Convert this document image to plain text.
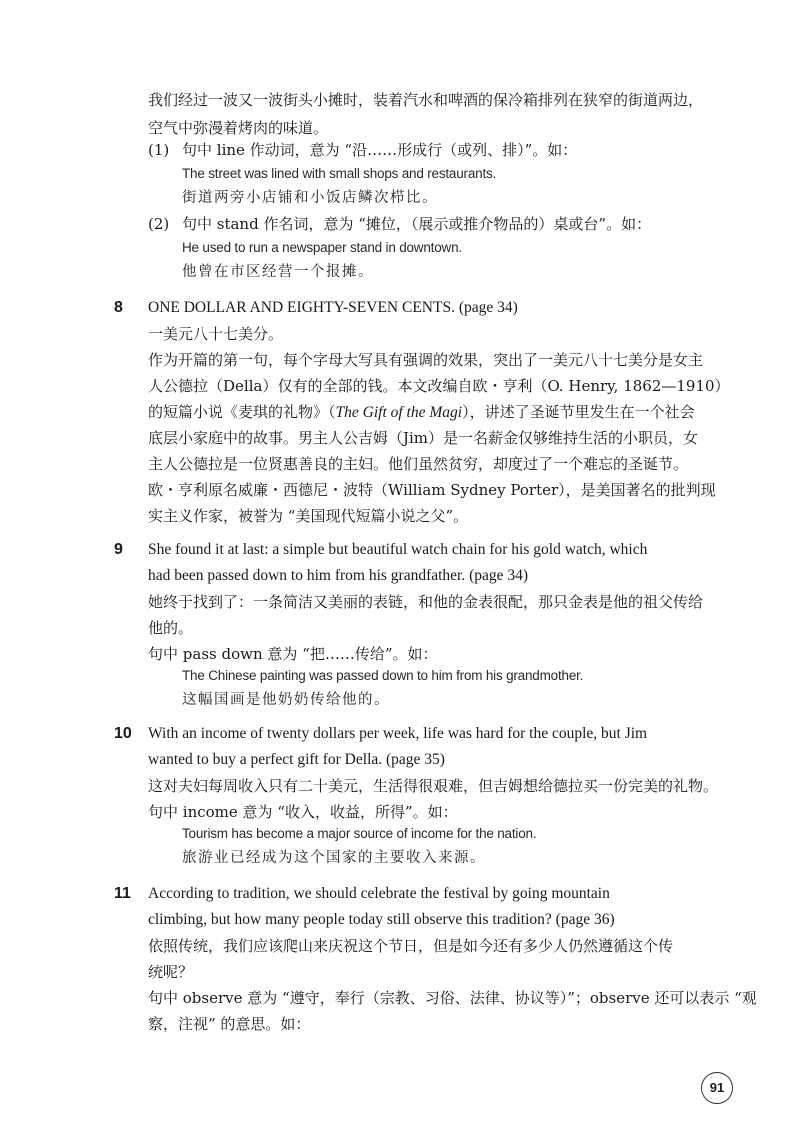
我们经过一波又一波街头小摊时，装着汽水和啤酒的保冷箱排列在狭窄的街道两边，
空气中弥漫着烤肉的味道。
(1) 句中 line 作动词，意为 “沿……形成行（或列、排）”。如：
The street was lined with small shops and restaurants.
街道两旁小店铺和小饭店鳞次栉比。
(2) 句中 stand 作名词，意为 “摊位，（展示或推介物品的）桌或台”。如：
He used to run a newspaper stand in downtown.
他曾在市区经营一个报摊。
8 ONE DOLLAR AND EIGHTY-SEVEN CENTS. (page 34)
一美元八十七美分。
作为开篇的第一句，每个字母大写具有强调的效果，突出了一美元八十七美分是女主
人公德拉（Della）仅有的全部的钱。本文改编自欧・亨利（O. Henry, 1862—1910）
的短篇小说《麦琪的礼物》（The Gift of the Magi），讲述了圣诞节里发生在一个社会
底层小家庭中的故事。男主人公吉姆（Jim）是一名薪金仅够维持生活的小职员，女
主人公德拉是一位贤惠善良的主妇。他们虽然贫穷，却度过了一个难忘的圣诞节。
欧・亨利原名威廉・西德尼・波特（William Sydney Porter），是美国著名的批判现
实主义作家，被誉为 “美国现代短篇小说之父”。
9 She found it at last: a simple but beautiful watch chain for his gold watch, which
had been passed down to him from his grandfather. (page 34)
她终于找到了：一条简洁又美丽的表链，和他的金表很配，那只金表是他的祖父传给
他的。
句中 pass down 意为 “把……传给”。如：
The Chinese painting was passed down to him from his grandmother.
这幅国画是他奶奶传给他的。
10 With an income of twenty dollars per week, life was hard for the couple, but Jim
wanted to buy a perfect gift for Della. (page 35)
这对夫妇每周收入只有二十美元，生活得很艰难，但吉姆想给德拉买一份完美的礼物。
句中 income 意为 “收入，收益，所得”。如：
Tourism has become a major source of income for the nation.
旅游业已经成为这个国家的主要收入来源。
11 According to tradition, we should celebrate the festival by going mountain
climbing, but how many people today still observe this tradition? (page 36)
依照传统，我们应该爬山来庆祝这个节日，但是如今还有多少人仍然遵循这个传
统呢？
句中 observe 意为 “遵守，奉行（宗教、习俗、法律、协议等）”；observe 还可以表示 “观
察，注视” 的意思。如：
91
